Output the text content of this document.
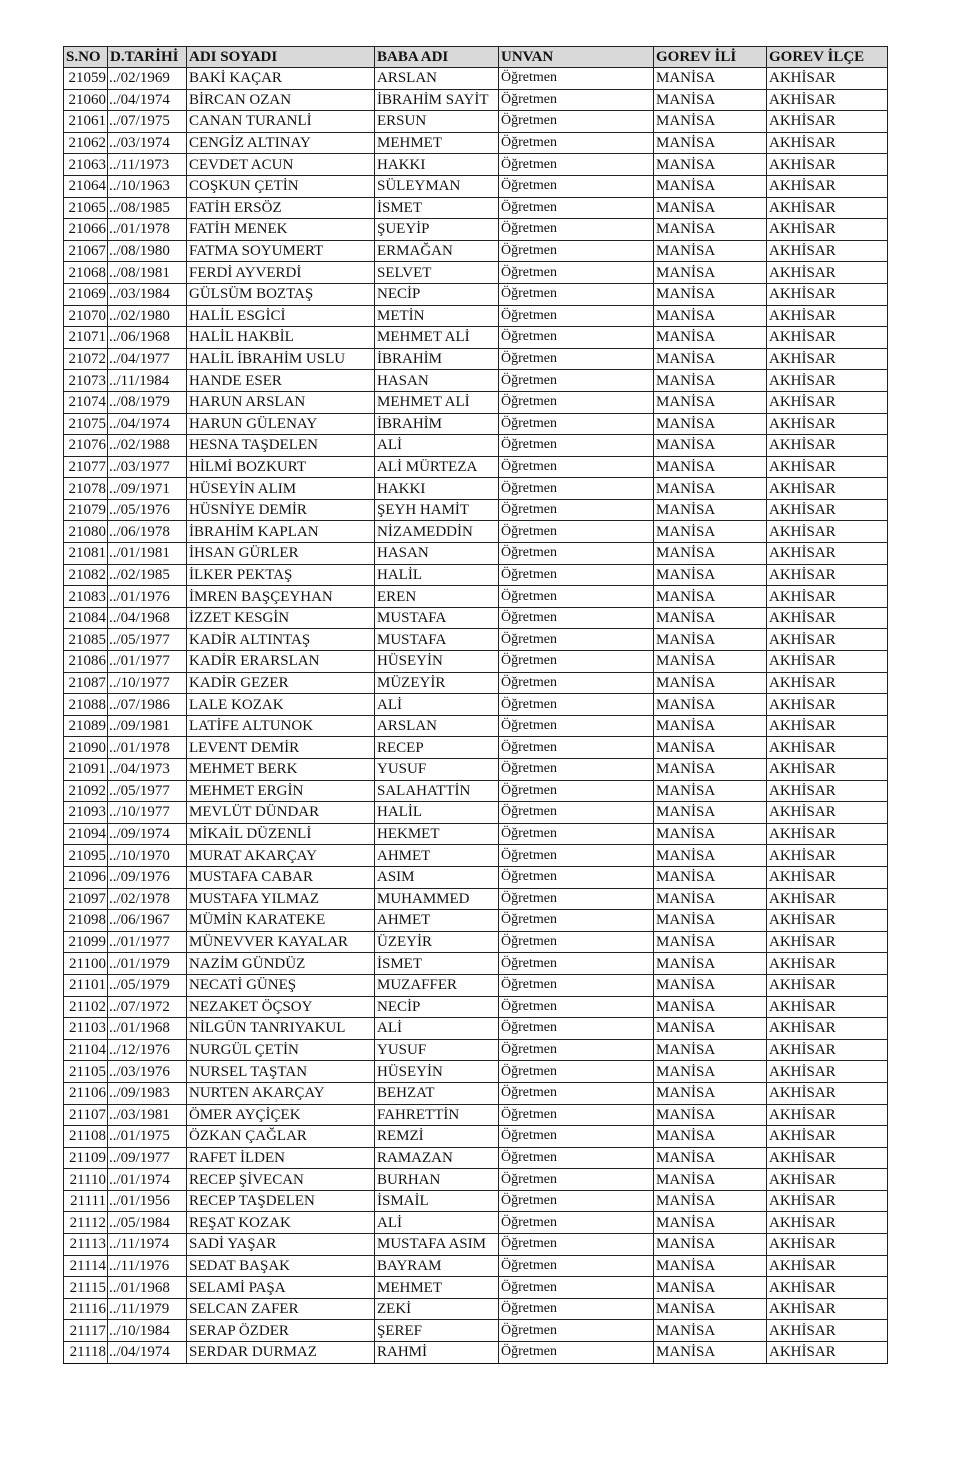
S.NO	D.TARİHİ	ADI SOYADI	BABA ADI	UNVAN	GOREV İLİ	GOREV İLÇE
21059	../02/1969	BAKİ KAÇAR	ARSLAN	Öğretmen	MANİSA	AKHİSAR
21060	../04/1974	BİRCAN OZAN	İBRAHİM SAYİT	Öğretmen	MANİSA	AKHİSAR
21061	../07/1975	CANAN TURANLİ	ERSUN	Öğretmen	MANİSA	AKHİSAR
21062	../03/1974	CENGİZ ALTINAY	MEHMET	Öğretmen	MANİSA	AKHİSAR
21063	../11/1973	CEVDET ACUN	HAKKI	Öğretmen	MANİSA	AKHİSAR
21064	../10/1963	COŞKUN ÇETİN	SÜLEYMAN	Öğretmen	MANİSA	AKHİSAR
21065	../08/1985	FATİH ERSÖZ	İSMET	Öğretmen	MANİSA	AKHİSAR
21066	../01/1978	FATİH MENEK	ŞUEYİP	Öğretmen	MANİSA	AKHİSAR
21067	../08/1980	FATMA SOYUMERT	ERMAĞAN	Öğretmen	MANİSA	AKHİSAR
21068	../08/1981	FERDİ AYVERDİ	SELVET	Öğretmen	MANİSA	AKHİSAR
21069	../03/1984	GÜLSÜM BOZTAŞ	NECİP	Öğretmen	MANİSA	AKHİSAR
21070	../02/1980	HALİL ESGİCİ	METİN	Öğretmen	MANİSA	AKHİSAR
21071	../06/1968	HALİL HAKBİL	MEHMET ALİ	Öğretmen	MANİSA	AKHİSAR
21072	../04/1977	HALİL İBRAHİM USLU	İBRAHİM	Öğretmen	MANİSA	AKHİSAR
21073	../11/1984	HANDE ESER	HASAN	Öğretmen	MANİSA	AKHİSAR
21074	../08/1979	HARUN ARSLAN	MEHMET ALİ	Öğretmen	MANİSA	AKHİSAR
21075	../04/1974	HARUN GÜLENAY	İBRAHİM	Öğretmen	MANİSA	AKHİSAR
21076	../02/1988	HESNA TAŞDELEN	ALİ	Öğretmen	MANİSA	AKHİSAR
21077	../03/1977	HİLMİ BOZKURT	ALİ MÜRTEZA	Öğretmen	MANİSA	AKHİSAR
21078	../09/1971	HÜSEYİN ALIM	HAKKI	Öğretmen	MANİSA	AKHİSAR
21079	../05/1976	HÜSNİYE DEMİR	ŞEYH HAMİT	Öğretmen	MANİSA	AKHİSAR
21080	../06/1978	İBRAHİM KAPLAN	NİZAMEDDİN	Öğretmen	MANİSA	AKHİSAR
21081	../01/1981	İHSAN GÜRLER	HASAN	Öğretmen	MANİSA	AKHİSAR
21082	../02/1985	İLKER PEKTAŞ	HALİL	Öğretmen	MANİSA	AKHİSAR
21083	../01/1976	İMREN BAŞÇEYHAN	EREN	Öğretmen	MANİSA	AKHİSAR
21084	../04/1968	İZZET KESGİN	MUSTAFA	Öğretmen	MANİSA	AKHİSAR
21085	../05/1977	KADİR ALTINTAŞ	MUSTAFA	Öğretmen	MANİSA	AKHİSAR
21086	../01/1977	KADİR ERARSLAN	HÜSEYİN	Öğretmen	MANİSA	AKHİSAR
21087	../10/1977	KADİR GEZER	MÜZEYİR	Öğretmen	MANİSA	AKHİSAR
21088	../07/1986	LALE KOZAK	ALİ	Öğretmen	MANİSA	AKHİSAR
21089	../09/1981	LATİFE ALTUNOK	ARSLAN	Öğretmen	MANİSA	AKHİSAR
21090	../01/1978	LEVENT DEMİR	RECEP	Öğretmen	MANİSA	AKHİSAR
21091	../04/1973	MEHMET BERK	YUSUF	Öğretmen	MANİSA	AKHİSAR
21092	../05/1977	MEHMET ERGİN	SALAHATTİN	Öğretmen	MANİSA	AKHİSAR
21093	../10/1977	MEVLÜT DÜNDAR	HALİL	Öğretmen	MANİSA	AKHİSAR
21094	../09/1974	MİKAİL DÜZENLİ	HEKMET	Öğretmen	MANİSA	AKHİSAR
21095	../10/1970	MURAT AKARÇAY	AHMET	Öğretmen	MANİSA	AKHİSAR
21096	../09/1976	MUSTAFA CABAR	ASIM	Öğretmen	MANİSA	AKHİSAR
21097	../02/1978	MUSTAFA YILMAZ	MUHAMMED	Öğretmen	MANİSA	AKHİSAR
21098	../06/1967	MÜMİN KARATEKE	AHMET	Öğretmen	MANİSA	AKHİSAR
21099	../01/1977	MÜNEVVER KAYALAR	ÜZEYİR	Öğretmen	MANİSA	AKHİSAR
21100	../01/1979	NAZİM GÜNDÜZ	İSMET	Öğretmen	MANİSA	AKHİSAR
21101	../05/1979	NECATİ GÜNEŞ	MUZAFFER	Öğretmen	MANİSA	AKHİSAR
21102	../07/1972	NEZAKET ÖÇSOY	NECİP	Öğretmen	MANİSA	AKHİSAR
21103	../01/1968	NİLGÜN TANRIYAKUL	ALİ	Öğretmen	MANİSA	AKHİSAR
21104	../12/1976	NURGÜL ÇETİN	YUSUF	Öğretmen	MANİSA	AKHİSAR
21105	../03/1976	NURSEL TAŞTAN	HÜSEYİN	Öğretmen	MANİSA	AKHİSAR
21106	../09/1983	NURTEN AKARÇAY	BEHZAT	Öğretmen	MANİSA	AKHİSAR
21107	../03/1981	ÖMER AYÇİÇEK	FAHRETTİN	Öğretmen	MANİSA	AKHİSAR
21108	../01/1975	ÖZKAN ÇAĞLAR	REMZİ	Öğretmen	MANİSA	AKHİSAR
21109	../09/1977	RAFET İLDEN	RAMAZAN	Öğretmen	MANİSA	AKHİSAR
21110	../01/1974	RECEP ŞİVECAN	BURHAN	Öğretmen	MANİSA	AKHİSAR
21111	../01/1956	RECEP TAŞDELEN	İSMAİL	Öğretmen	MANİSA	AKHİSAR
21112	../05/1984	REŞAT KOZAK	ALİ	Öğretmen	MANİSA	AKHİSAR
21113	../11/1974	SADİ YAŞAR	MUSTAFA ASIM	Öğretmen	MANİSA	AKHİSAR
21114	../11/1976	SEDAT BAŞAK	BAYRAM	Öğretmen	MANİSA	AKHİSAR
21115	../01/1968	SELAMİ PAŞA	MEHMET	Öğretmen	MANİSA	AKHİSAR
21116	../11/1979	SELCAN ZAFER	ZEKİ	Öğretmen	MANİSA	AKHİSAR
21117	../10/1984	SERAP ÖZDER	ŞEREF	Öğretmen	MANİSA	AKHİSAR
21118	../04/1974	SERDAR DURMAZ	RAHMİ	Öğretmen	MANİSA	AKHİSAR
